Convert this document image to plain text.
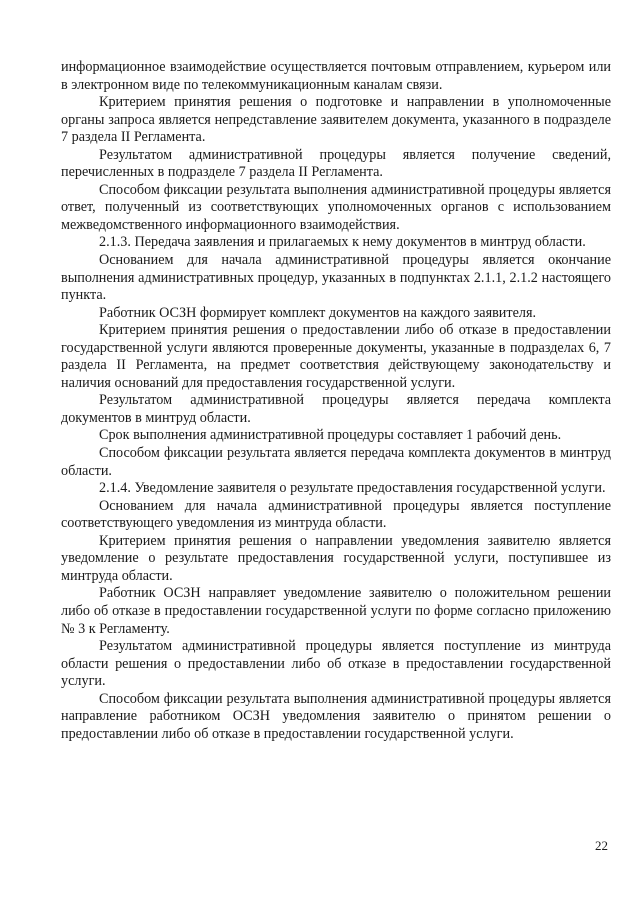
информационное взаимодействие осуществляется почтовым отправлением, курьером или в электронном виде по телекоммуникационным каналам связи.

Критерием принятия решения о подготовке и направлении в уполномоченные органы запроса является непредставление заявителем документа, указанного в подразделе 7 раздела II Регламента.

Результатом административной процедуры является получение сведений, перечисленных в подразделе 7 раздела II Регламента.

Способом фиксации результата выполнения административной процедуры является ответ, полученный из соответствующих уполномоченных органов с использованием межведомственного информационного взаимодействия.

2.1.3. Передача заявления и прилагаемых к нему документов в минтруд области.

Основанием для начала административной процедуры является окончание выполнения административных процедур, указанных в подпунктах 2.1.1, 2.1.2 настоящего пункта.

Работник ОСЗН формирует комплект документов на каждого заявителя.

Критерием принятия решения о предоставлении либо об отказе в предоставлении государственной услуги являются проверенные документы, указанные в подразделах 6, 7 раздела II Регламента, на предмет соответствия действующему законодательству и наличия оснований для предоставления государственной услуги.

Результатом административной процедуры является передача комплекта документов в минтруд области.

Срок выполнения административной процедуры составляет 1 рабочий день.

Способом фиксации результата является передача комплекта документов в минтруд области.

2.1.4. Уведомление заявителя о результате предоставления государственной услуги.

Основанием для начала административной процедуры является поступление соответствующего уведомления из минтруда области.

Критерием принятия решения о направлении уведомления заявителю является уведомление о результате предоставления государственной услуги, поступившее из минтруда области.

Работник ОСЗН направляет уведомление заявителю о положительном решении либо об отказе в предоставлении государственной услуги по форме согласно приложению № 3 к Регламенту.

Результатом административной процедуры является поступление из минтруда области решения о предоставлении либо об отказе в предоставлении государственной услуги.

Способом фиксации результата выполнения административной процедуры является направление работником ОСЗН уведомления заявителю о принятом решении о предоставлении либо об отказе в предоставлении государственной услуги.

22
